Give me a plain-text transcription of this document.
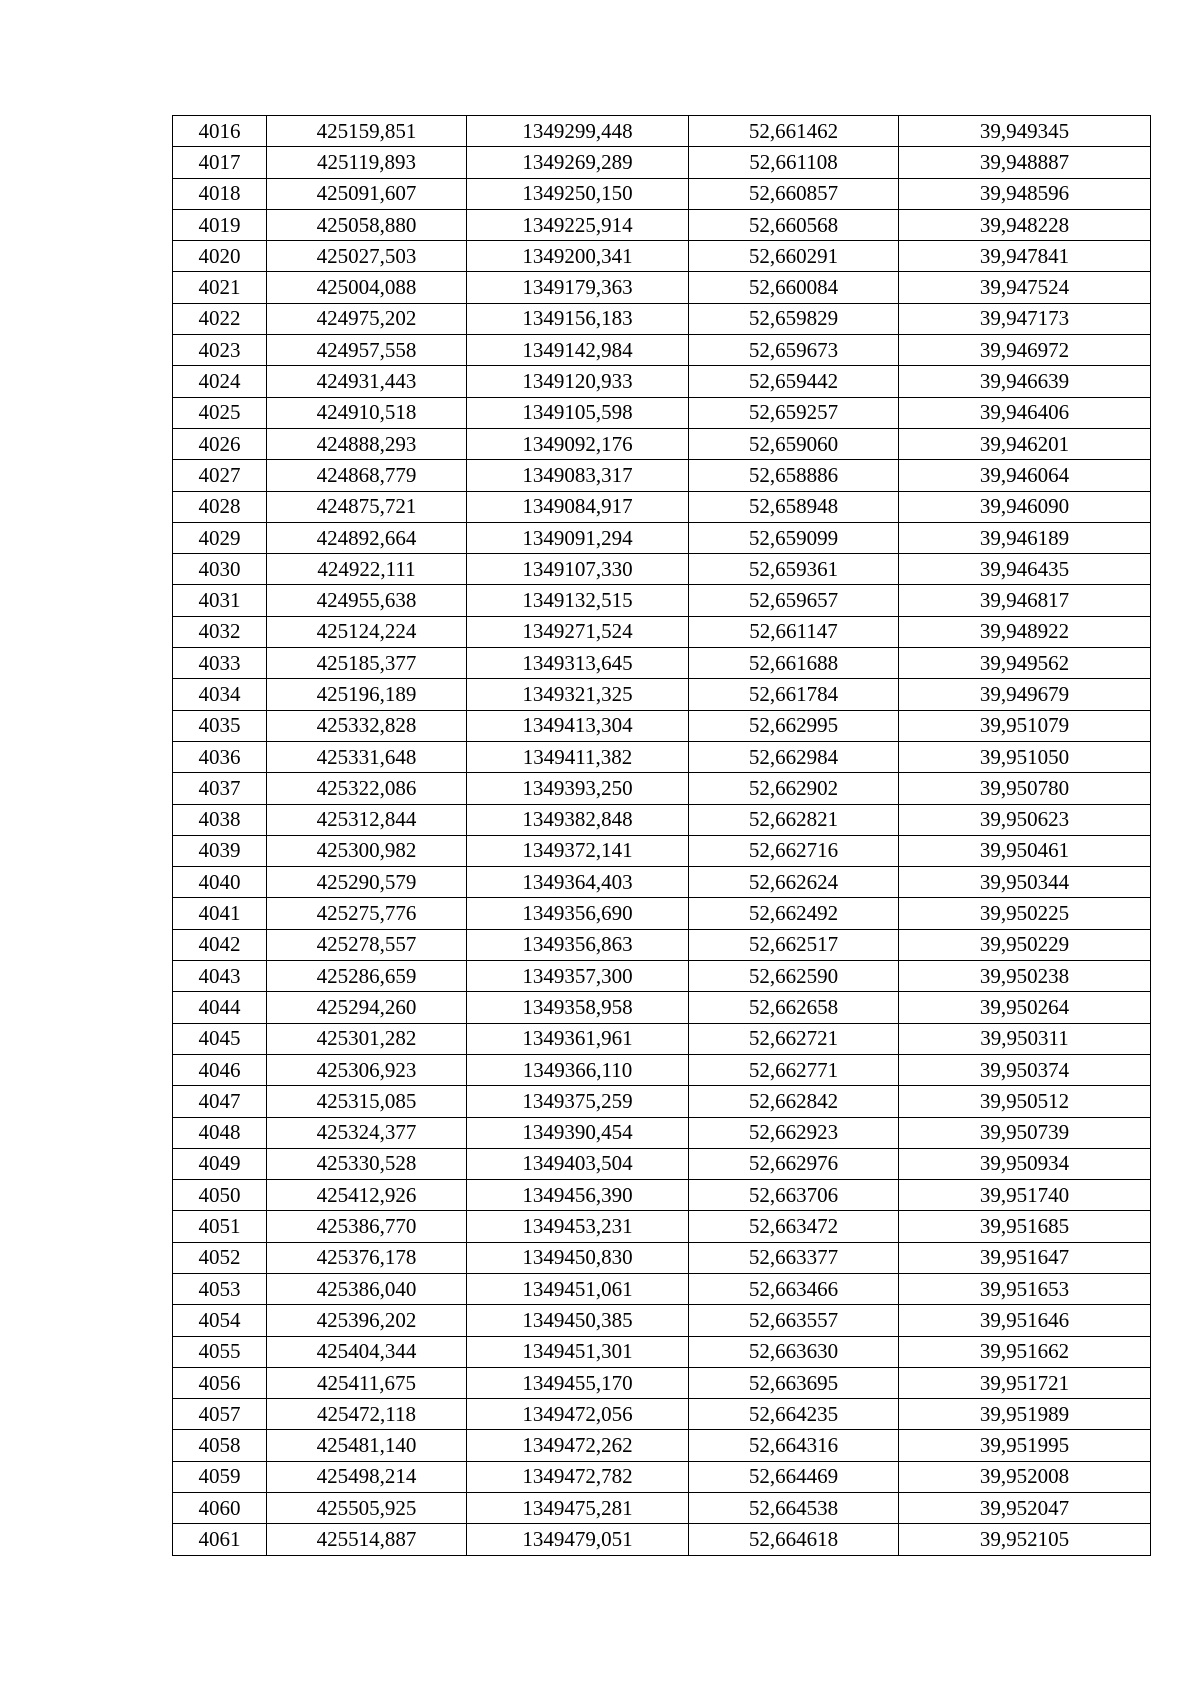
4016	425159,851	1349299,448	52,661462	39,949345
4017	425119,893	1349269,289	52,661108	39,948887
4018	425091,607	1349250,150	52,660857	39,948596
4019	425058,880	1349225,914	52,660568	39,948228
4020	425027,503	1349200,341	52,660291	39,947841
4021	425004,088	1349179,363	52,660084	39,947524
4022	424975,202	1349156,183	52,659829	39,947173
4023	424957,558	1349142,984	52,659673	39,946972
4024	424931,443	1349120,933	52,659442	39,946639
4025	424910,518	1349105,598	52,659257	39,946406
4026	424888,293	1349092,176	52,659060	39,946201
4027	424868,779	1349083,317	52,658886	39,946064
4028	424875,721	1349084,917	52,658948	39,946090
4029	424892,664	1349091,294	52,659099	39,946189
4030	424922,111	1349107,330	52,659361	39,946435
4031	424955,638	1349132,515	52,659657	39,946817
4032	425124,224	1349271,524	52,661147	39,948922
4033	425185,377	1349313,645	52,661688	39,949562
4034	425196,189	1349321,325	52,661784	39,949679
4035	425332,828	1349413,304	52,662995	39,951079
4036	425331,648	1349411,382	52,662984	39,951050
4037	425322,086	1349393,250	52,662902	39,950780
4038	425312,844	1349382,848	52,662821	39,950623
4039	425300,982	1349372,141	52,662716	39,950461
4040	425290,579	1349364,403	52,662624	39,950344
4041	425275,776	1349356,690	52,662492	39,950225
4042	425278,557	1349356,863	52,662517	39,950229
4043	425286,659	1349357,300	52,662590	39,950238
4044	425294,260	1349358,958	52,662658	39,950264
4045	425301,282	1349361,961	52,662721	39,950311
4046	425306,923	1349366,110	52,662771	39,950374
4047	425315,085	1349375,259	52,662842	39,950512
4048	425324,377	1349390,454	52,662923	39,950739
4049	425330,528	1349403,504	52,662976	39,950934
4050	425412,926	1349456,390	52,663706	39,951740
4051	425386,770	1349453,231	52,663472	39,951685
4052	425376,178	1349450,830	52,663377	39,951647
4053	425386,040	1349451,061	52,663466	39,951653
4054	425396,202	1349450,385	52,663557	39,951646
4055	425404,344	1349451,301	52,663630	39,951662
4056	425411,675	1349455,170	52,663695	39,951721
4057	425472,118	1349472,056	52,664235	39,951989
4058	425481,140	1349472,262	52,664316	39,951995
4059	425498,214	1349472,782	52,664469	39,952008
4060	425505,925	1349475,281	52,664538	39,952047
4061	425514,887	1349479,051	52,664618	39,952105
